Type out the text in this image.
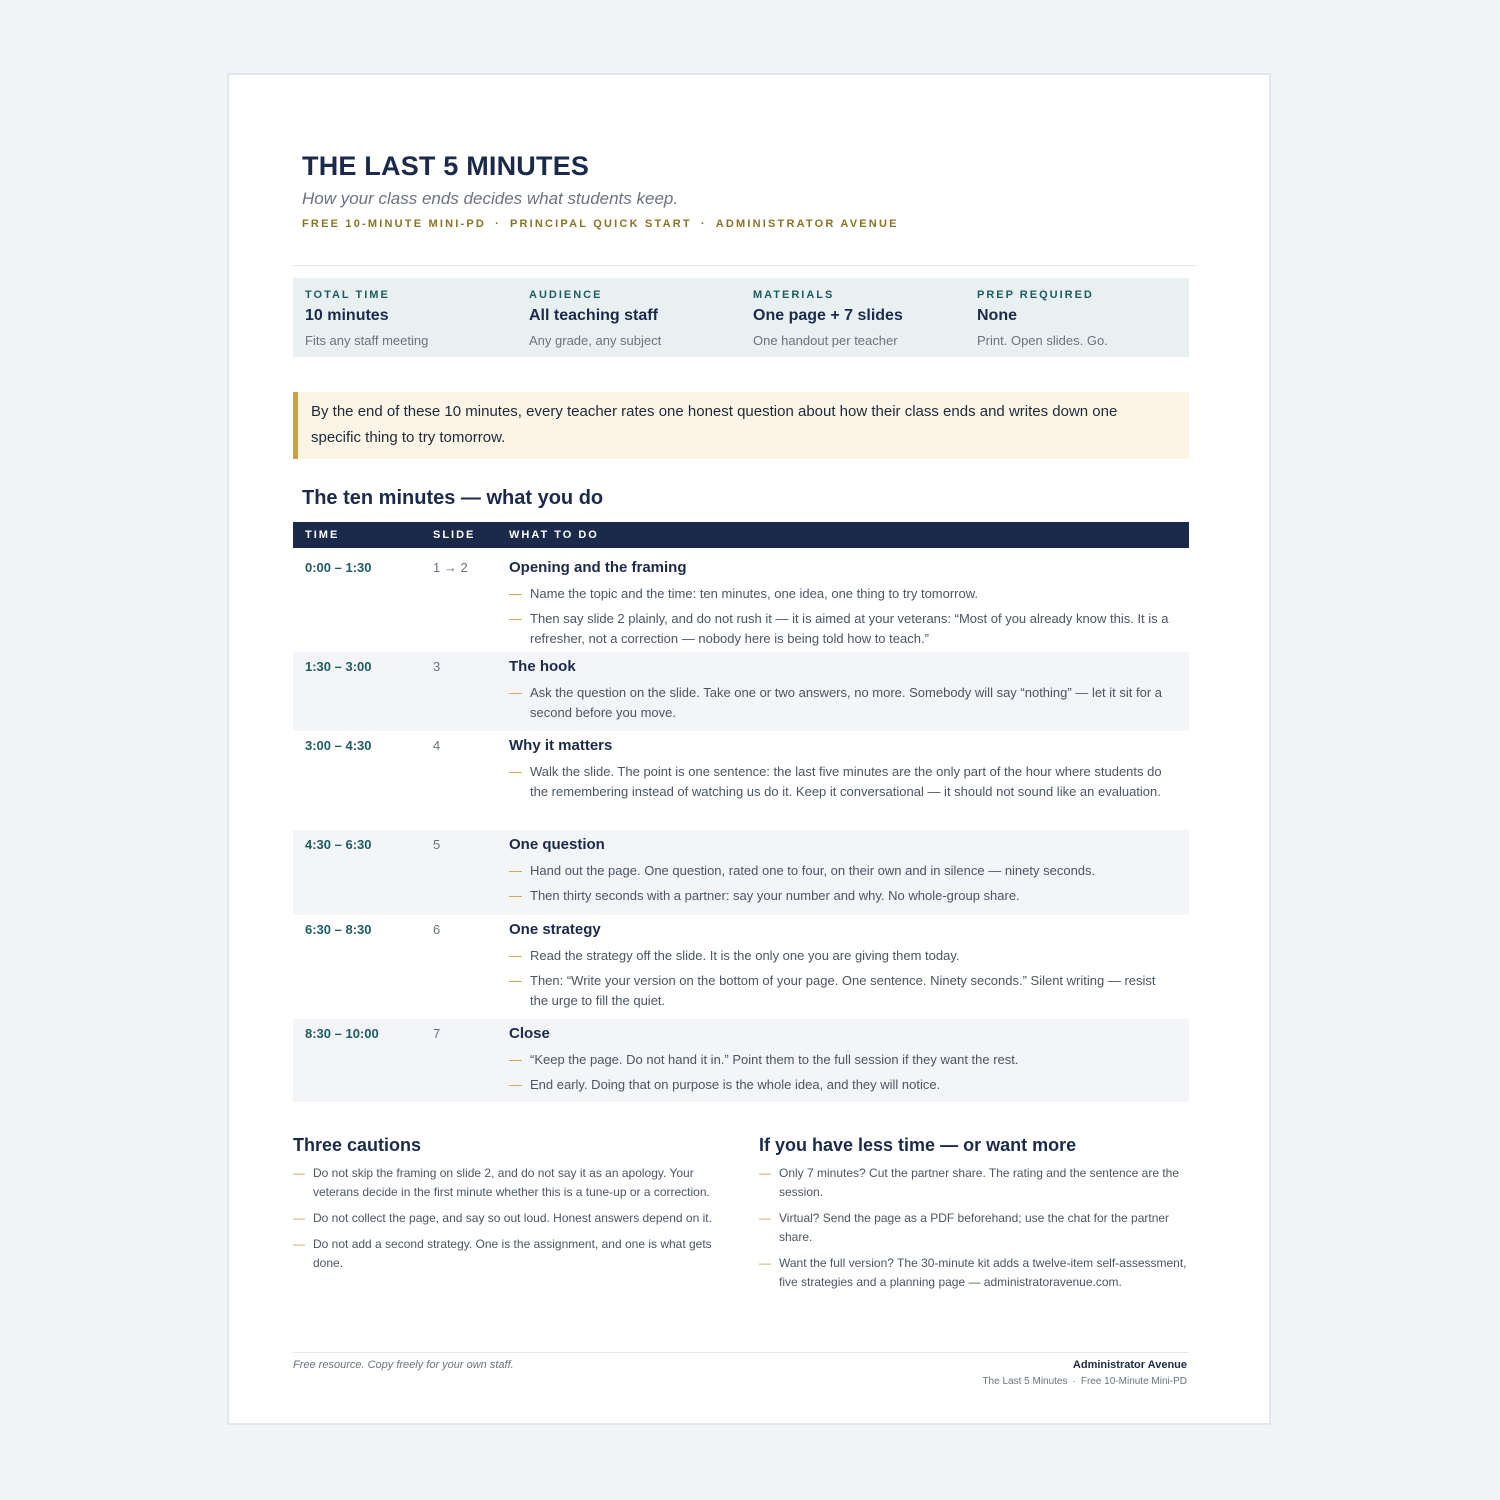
THE LAST 5 MINUTES
How your class ends decides what students keep.
FREE 10-MINUTE MINI-PD · PRINCIPAL QUICK START · ADMINISTRATOR AVENUE
TOTAL TIME
10 minutes
Fits any staff meeting
AUDIENCE
All teaching staff
Any grade, any subject
MATERIALS
One page + 7 slides
One handout per teacher
PREP REQUIRED
None
Print. Open slides. Go.
By the end of these 10 minutes, every teacher rates one honest question about how their class ends and writes down one specific thing to try tomorrow.
The ten minutes — what you do
TIME	SLIDE	WHAT TO DO
0:00 – 1:30	1 → 2	Opening and the framing
— Name the topic and the time: ten minutes, one idea, one thing to try tomorrow.
— Then say slide 2 plainly, and do not rush it — it is aimed at your veterans: “Most of you already know this. It is a refresher, not a correction — nobody here is being told how to teach.”
1:30 – 3:00	3	The hook
— Ask the question on the slide. Take one or two answers, no more. Somebody will say “nothing” — let it sit for a second before you move.
3:00 – 4:30	4	Why it matters
— Walk the slide. The point is one sentence: the last five minutes are the only part of the hour where students do the remembering instead of watching us do it. Keep it conversational — it should not sound like an evaluation.
4:30 – 6:30	5	One question
— Hand out the page. One question, rated one to four, on their own and in silence — ninety seconds.
— Then thirty seconds with a partner: say your number and why. No whole-group share.
6:30 – 8:30	6	One strategy
— Read the strategy off the slide. It is the only one you are giving them today.
— Then: “Write your version on the bottom of your page. One sentence. Ninety seconds.” Silent writing — resist the urge to fill the quiet.
8:30 – 10:00	7	Close
— “Keep the page. Do not hand it in.” Point them to the full session if they want the rest.
— End early. Doing that on purpose is the whole idea, and they will notice.
Three cautions
— Do not skip the framing on slide 2, and do not say it as an apology. Your veterans decide in the first minute whether this is a tune-up or a correction.
— Do not collect the page, and say so out loud. Honest answers depend on it.
— Do not add a second strategy. One is the assignment, and one is what gets done.
If you have less time — or want more
— Only 7 minutes? Cut the partner share. The rating and the sentence are the session.
— Virtual? Send the page as a PDF beforehand; use the chat for the partner share.
— Want the full version? The 30-minute kit adds a twelve-item self-assessment, five strategies and a planning page — administratoravenue.com.
Free resource. Copy freely for your own staff.	Administrator Avenue
The Last 5 Minutes · Free 10-Minute Mini-PD
